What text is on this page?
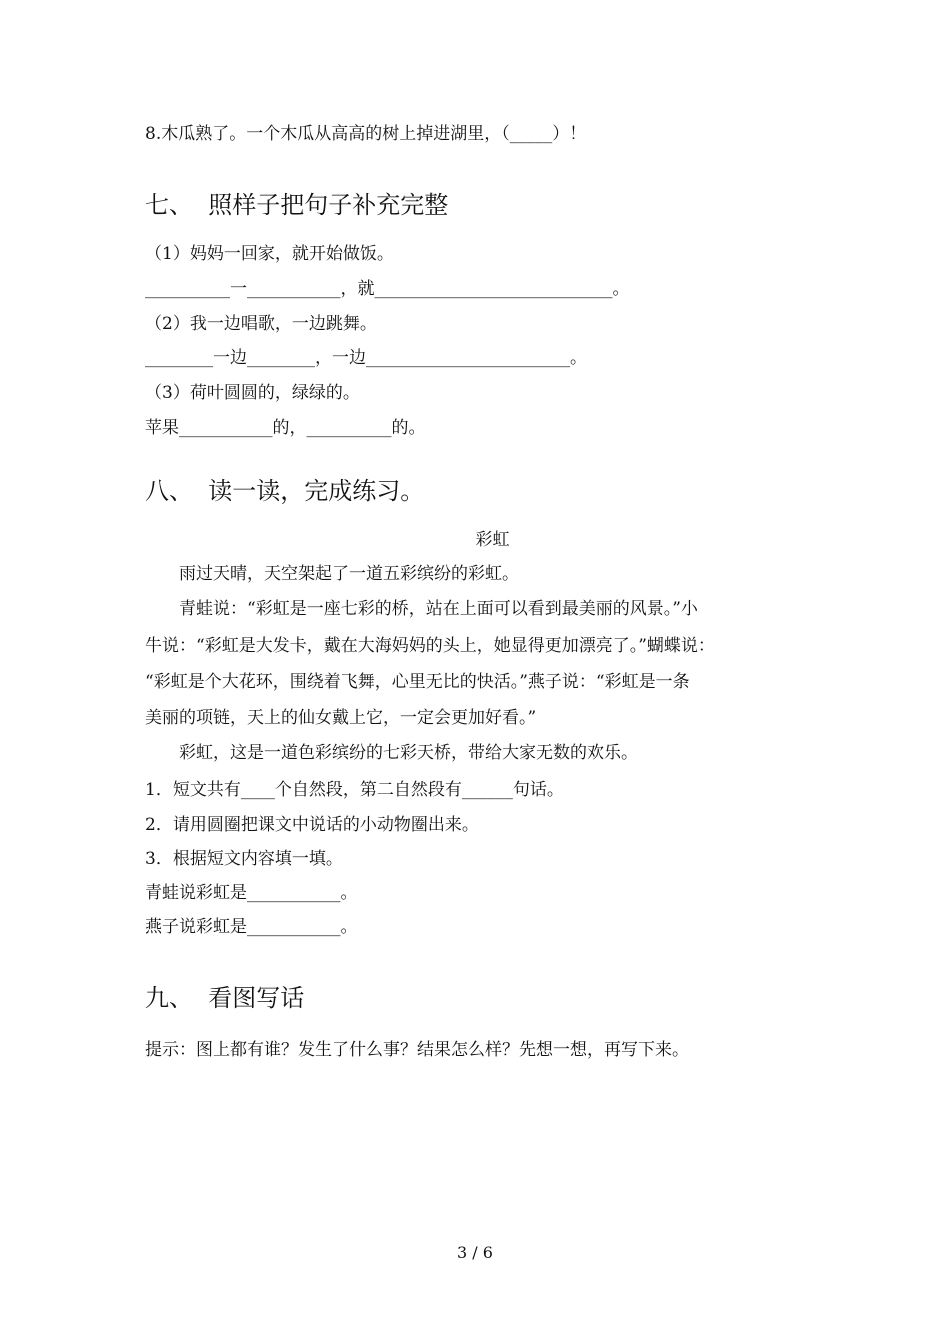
8.木瓜熟了。一个木瓜从高高的树上掉进湖里，（_____）！
七、  照样子把句子补充完整
（1）妈妈一回家，就开始做饭。
__________一___________，就____________________________。
（2）我一边唱歌，一边跳舞。
________一边________，一边________________________。
（3）荷叶圆圆的，绿绿的。
苹果___________的，__________的。
八、  读一读，完成练习。
彩虹
雨过天晴，天空架起了一道五彩缤纷的彩虹。
青蛙说：“彩虹是一座七彩的桥，站在上面可以看到最美丽的风景。”小
牛说：“彩虹是大发卡，戴在大海妈妈的头上，她显得更加漂亮了。”蝴蝶说：
“彩虹是个大花环，围绕着飞舞，心里无比的快活。”燕子说：“彩虹是一条
美丽的项链，天上的仙女戴上它，一定会更加好看。”
彩虹，这是一道色彩缤纷的七彩天桥，带给大家无数的欢乐。
1．短文共有____个自然段，第二自然段有______句话。
2．请用圆圈把课文中说话的小动物圈出来。
3．根据短文内容填一填。
青蛙说彩虹是___________。
燕子说彩虹是___________。
九、  看图写话
提示：图上都有谁？发生了什么事？结果怎么样？先想一想，再写下来。
3 / 6
